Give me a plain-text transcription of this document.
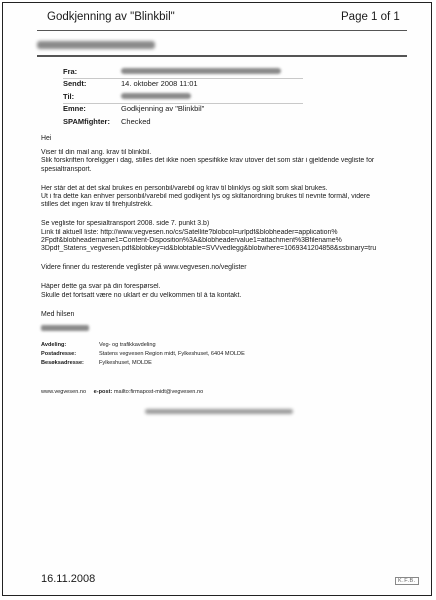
Godkjenning av "Blinkbil"	Page 1 of 1
Fra:
Sendt:	14. oktober 2008 11:01
Til:
Emne:	Godkjenning av "Blinkbil"
SPAMfighter:	Checked

Hei

Viser til din mail ang. krav til blinkbil.
Slik forskriften foreligger i dag, stilles det ikke noen spesifikke krav utover det som står i gjeldende vegliste for
spesialtransport.

Her står det at det skal brukes en personbil/varebil og krav til blinklys og skilt som skal brukes.
Ut i fra dette kan enhver personbil/varebil med godkjent lys og skiltanordning brukes til nevnte formål, videre
stilles det ingen krav til firehjulstrekk.

Se vegliste for spesialtransport 2008. side 7. punkt 3.b)
Link til aktuell liste: http://www.vegvesen.no/cs/Satellite?blobcol=urlpdf&blobheader=application%
2Fpdf&blobheadername1=Content-Disposition%3A&blobheadervalue1=attachment%3Bfilename%
3Dpdf_Statens_vegvesen.pdf&blobkey=id&blobtable=SVVvedlegg&blobwhere=1069341204858&ssbinary=tru

Videre finner du resterende veglister på www.vegvesen.no/veglister

Håper dette ga svar på din forespørsel.
Skulle det fortsatt være no uklart er du velkommen til å ta kontakt.

Med hilsen

Avdeling:	Veg- og trafikkavdeling
Postadresse:	Statens vegvesen Region midt, Fylkeshuset, 6404 MOLDE
Besøksadresse:	Fylkeshuset, MOLDE
www.vegvesen.no e-post: mailto:firmapost-midt@vegvesen.no
16.11.2008	K.F.B.
